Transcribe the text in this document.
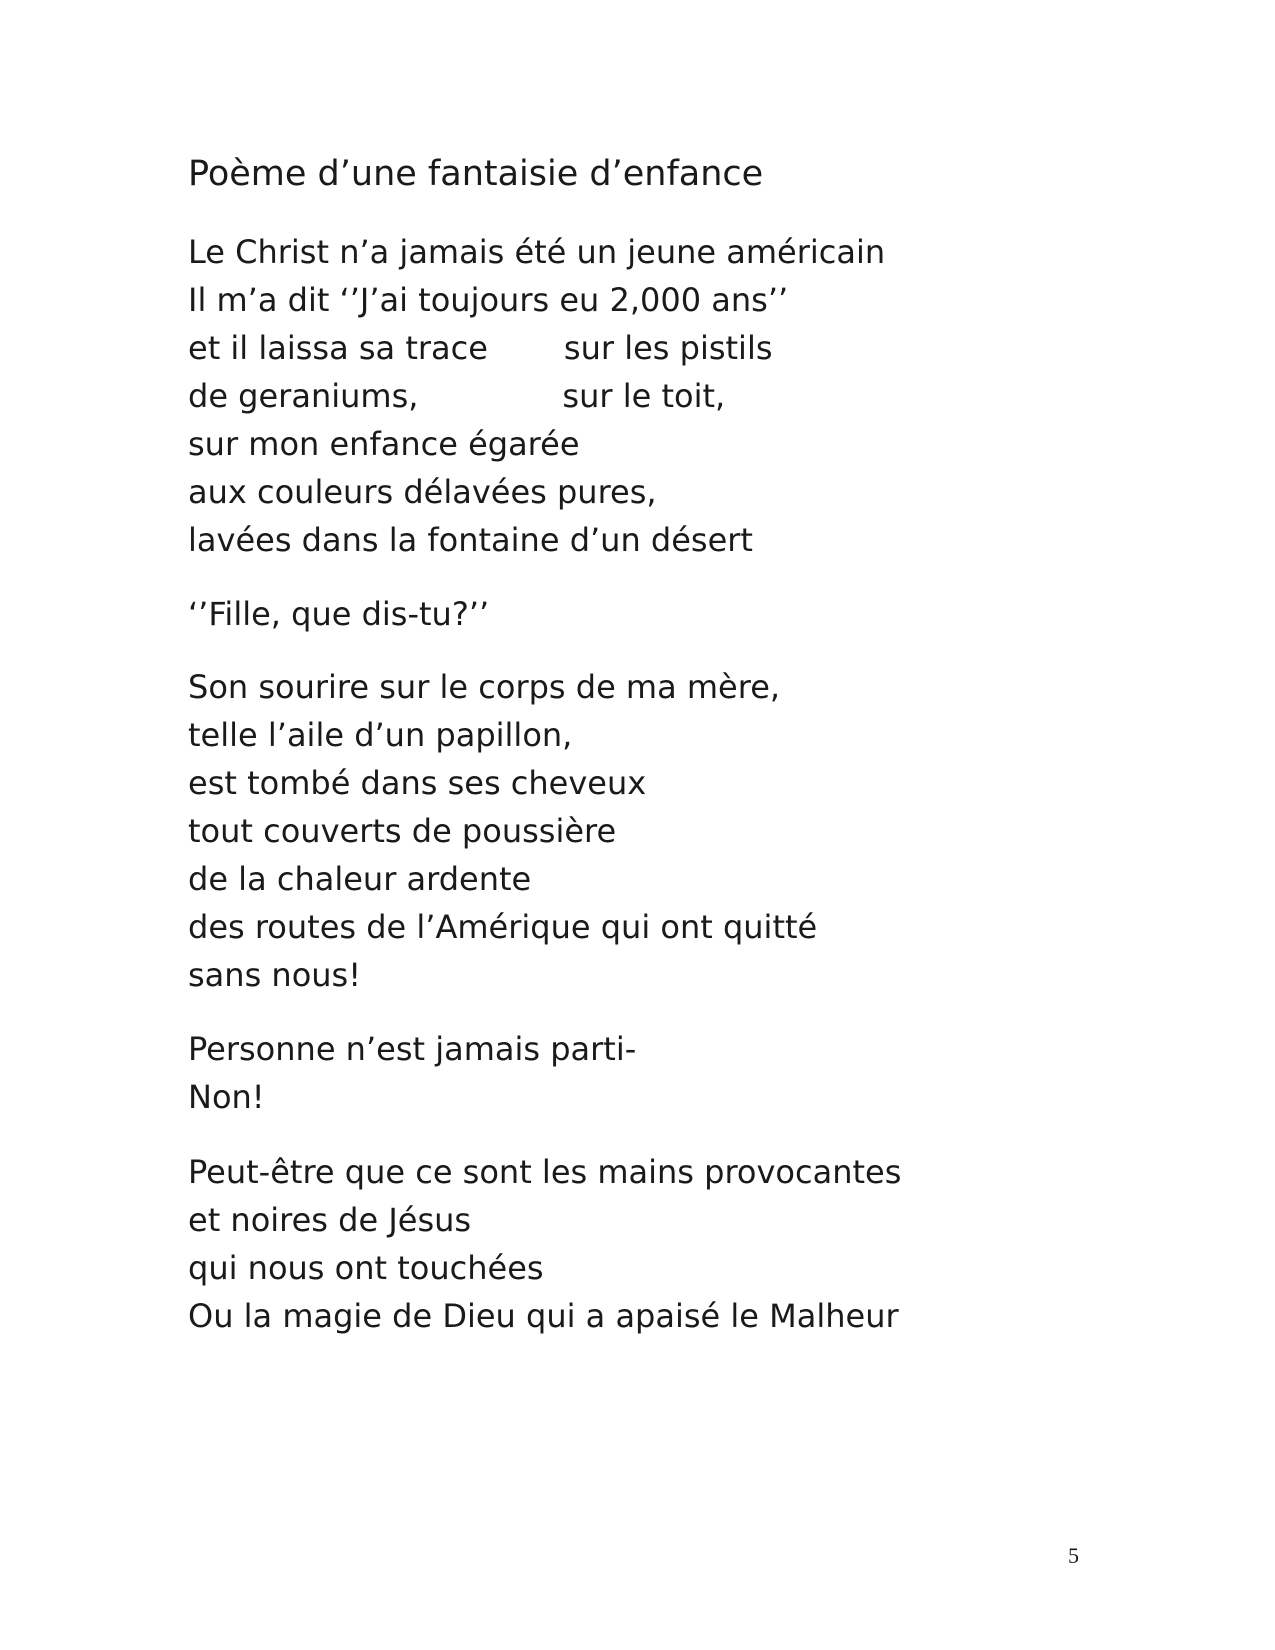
Poème d’une fantaisie d’enfance
Le Christ n’a jamais été un jeune américain
Il m’a dit ‘’J’ai toujours eu 2,000 ans’’
et il laissa sa trace sur les pistils
de geraniums,	sur le toit,
sur mon enfance égarée
aux couleurs délavées pures,
lavées dans la fontaine d’un désert
‘’Fille, que dis-tu?’’
Son sourire sur le corps de ma mère,
telle l’aile d’un papillon,
est tombé dans ses cheveux
tout couverts de poussière
de la chaleur ardente
des routes de l’Amérique qui ont quitté
sans nous!
Personne n’est jamais parti-
Non!
Peut-être que ce sont les mains provocantes
et noires de Jésus
qui nous ont touchées
Ou la magie de Dieu qui a apaisé le Malheur
5
